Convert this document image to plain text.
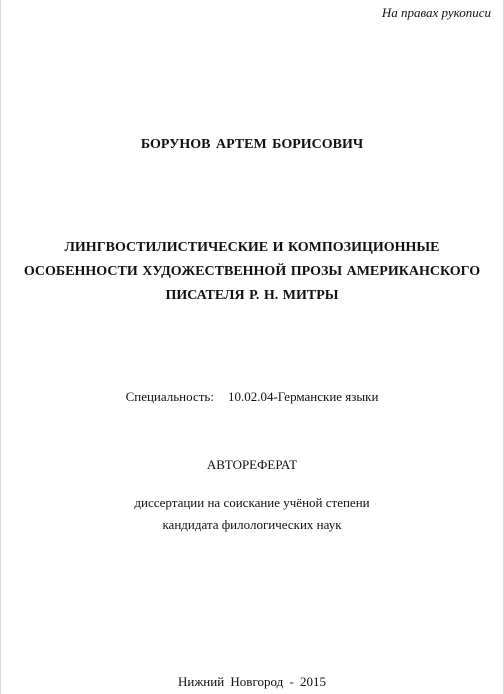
На правах рукописи
БОРУНОВ АРТЕМ БОРИСОВИЧ
ЛИНГВОСТИЛИСТИЧЕСКИЕ И КОМПОЗИЦИОННЫЕ
ОСОБЕННОСТИ ХУДОЖЕСТВЕННОЙ ПРОЗЫ АМЕРИКАНСКОГО
ПИСАТЕЛЯ Р. Н. МИТРЫ
Специальность: 10.02.04-Германские языки
АВТОРЕФЕРАТ
диссертации на соискание учёной степени
кандидата филологических наук
Нижний Новгород - 2015
